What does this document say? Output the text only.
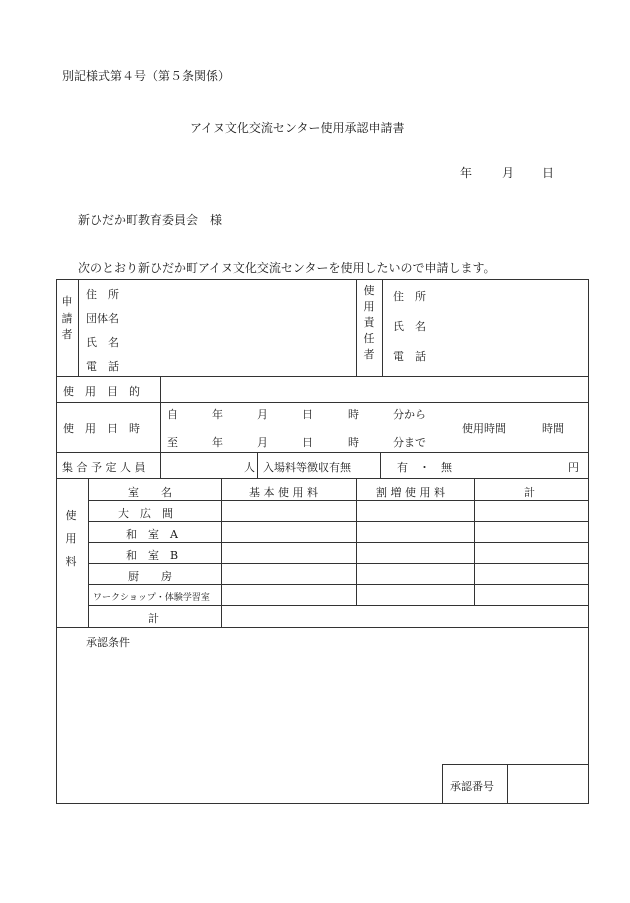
別記様式第４号（第５条関係）
アイヌ文化交流センター使用承認申請書
年 月 日
新ひだか町教育委員会　様
次のとおり新ひだか町アイヌ文化交流センターを使用したいので申請します。
申
請
者
住　所
団体名
氏　名
電　話
使
用
責
任
者
住　所
氏　名
電　話
使　用　目　的
使　用　日　時
自	年	月	日	時	分から
至	年	月	日	時	分まで
使用時間	時間
集 合 予 定 人 員	人 入場料等徴収有無	有　・　無	円
使
用
料
室　　名	基 本 使 用 料	割 増 使 用 料	計
大　広　間
和　室　A
和　室　B
厨　　房
ワークショップ・体験学習室
計
承認条件
承認番号
